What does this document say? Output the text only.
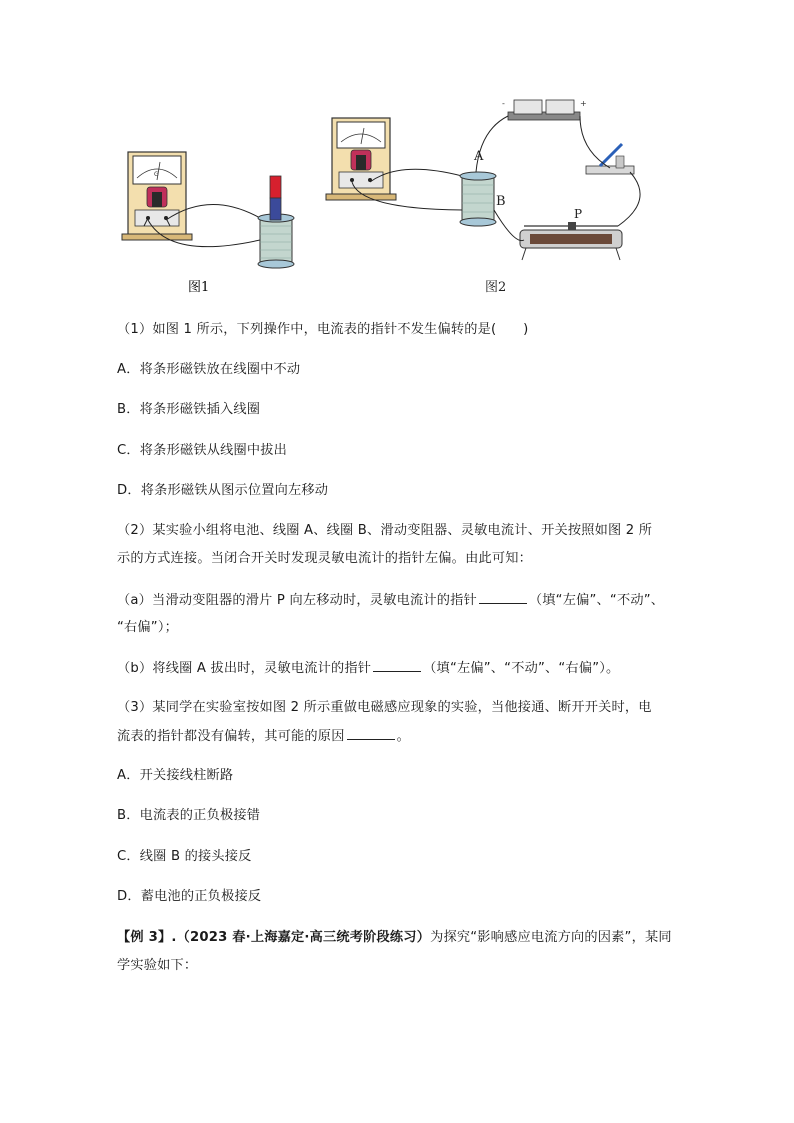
G
图1
A
B
-	+
P
图2
（1）如图 1 所示，下列操作中，电流表的指针不发生偏转的是(　　)
A．将条形磁铁放在线圈中不动
B．将条形磁铁插入线圈
C．将条形磁铁从线圈中拔出
D．将条形磁铁从图示位置向左移动
（2）某实验小组将电池、线圈 A、线圈 B、滑动变阻器、灵敏电流计、开关按照如图 2 所
示的方式连接。当闭合开关时发现灵敏电流计的指针左偏。由此可知：
（a）当滑动变阻器的滑片 P 向左移动时，灵敏电流计的指针	（填“左偏”、“不动”、
“右偏”）；
（b）将线圈 A 拔出时，灵敏电流计的指针	（填“左偏”、“不动”、“右偏”）。
（3）某同学在实验室按如图 2 所示重做电磁感应现象的实验，当他接通、断开开关时，电
流表的指针都没有偏转，其可能的原因	。
A．开关接线柱断路
B．电流表的正负极接错
C．线圈 B 的接头接反
D．蓄电池的正负极接反
【例 3】.（2023 春·上海嘉定·高三统考阶段练习）为探究“影响感应电流方向的因素”，某同
学实验如下：
